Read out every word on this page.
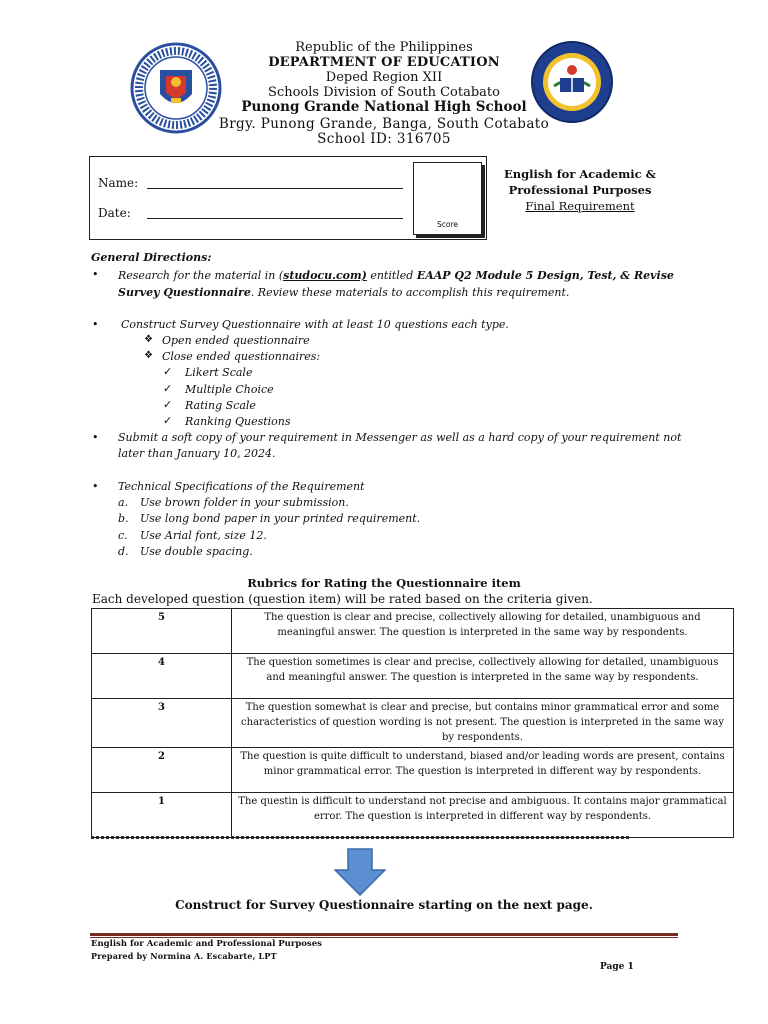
Republic of the Philippines
DEPARTMENT OF EDUCATION
Deped Region XII
Schools Division of South Cotabato
Punong Grande National High School
Brgy. Punong Grande, Banga, South Cotabato
School ID: 316705
Name:
Date:
Score
English for Academic &
Professional Purposes
Final Requirement
General Directions:
• Research for the material in (studocu.com) entitled EAAP Q2 Module 5 Design, Test, & Revise
Survey Questionnaire. Review these materials to accomplish this requirement.
• Construct Survey Questionnaire with at least 10 questions each type.
❖ Open ended questionnaire
❖ Close ended questionnaires:
✓ Likert Scale
✓ Multiple Choice
✓ Rating Scale
✓ Ranking Questions
• Submit a soft copy of your requirement in Messenger as well as a hard copy of your requirement not
later than January 10, 2024.
• Technical Specifications of the Requirement
a. Use brown folder in your submission.
b. Use long bond paper in your printed requirement.
c. Use Arial font, size 12.
d. Use double spacing.
Rubrics for Rating the Questionnaire item
Each developed question (question item) will be rated based on the criteria given.
5	The question is clear and precise, collectively allowing for detailed, unambiguous and meaningful answer. The question is interpreted in the same way by respondents.
4	The question sometimes is clear and precise, collectively allowing for detailed, unambiguous and meaningful answer. The question is interpreted in the same way by respondents.
3	The question somewhat is clear and precise, but contains minor grammatical error and some characteristics of question wording is not present. The question is interpreted in the same way by respondents.
2	The question is quite difficult to understand, biased and/or leading words are present, contains minor grammatical error. The question is interpreted in different way by respondents.
1	The questin is difficult to understand not precise and ambiguous. It contains major grammatical error. The question is interpreted in different way by respondents.
Construct for Survey Questionnaire starting on the next page.
English for Academic and Professional Purposes
Prepared by Normina A. Escabarte, LPT
Page 1
